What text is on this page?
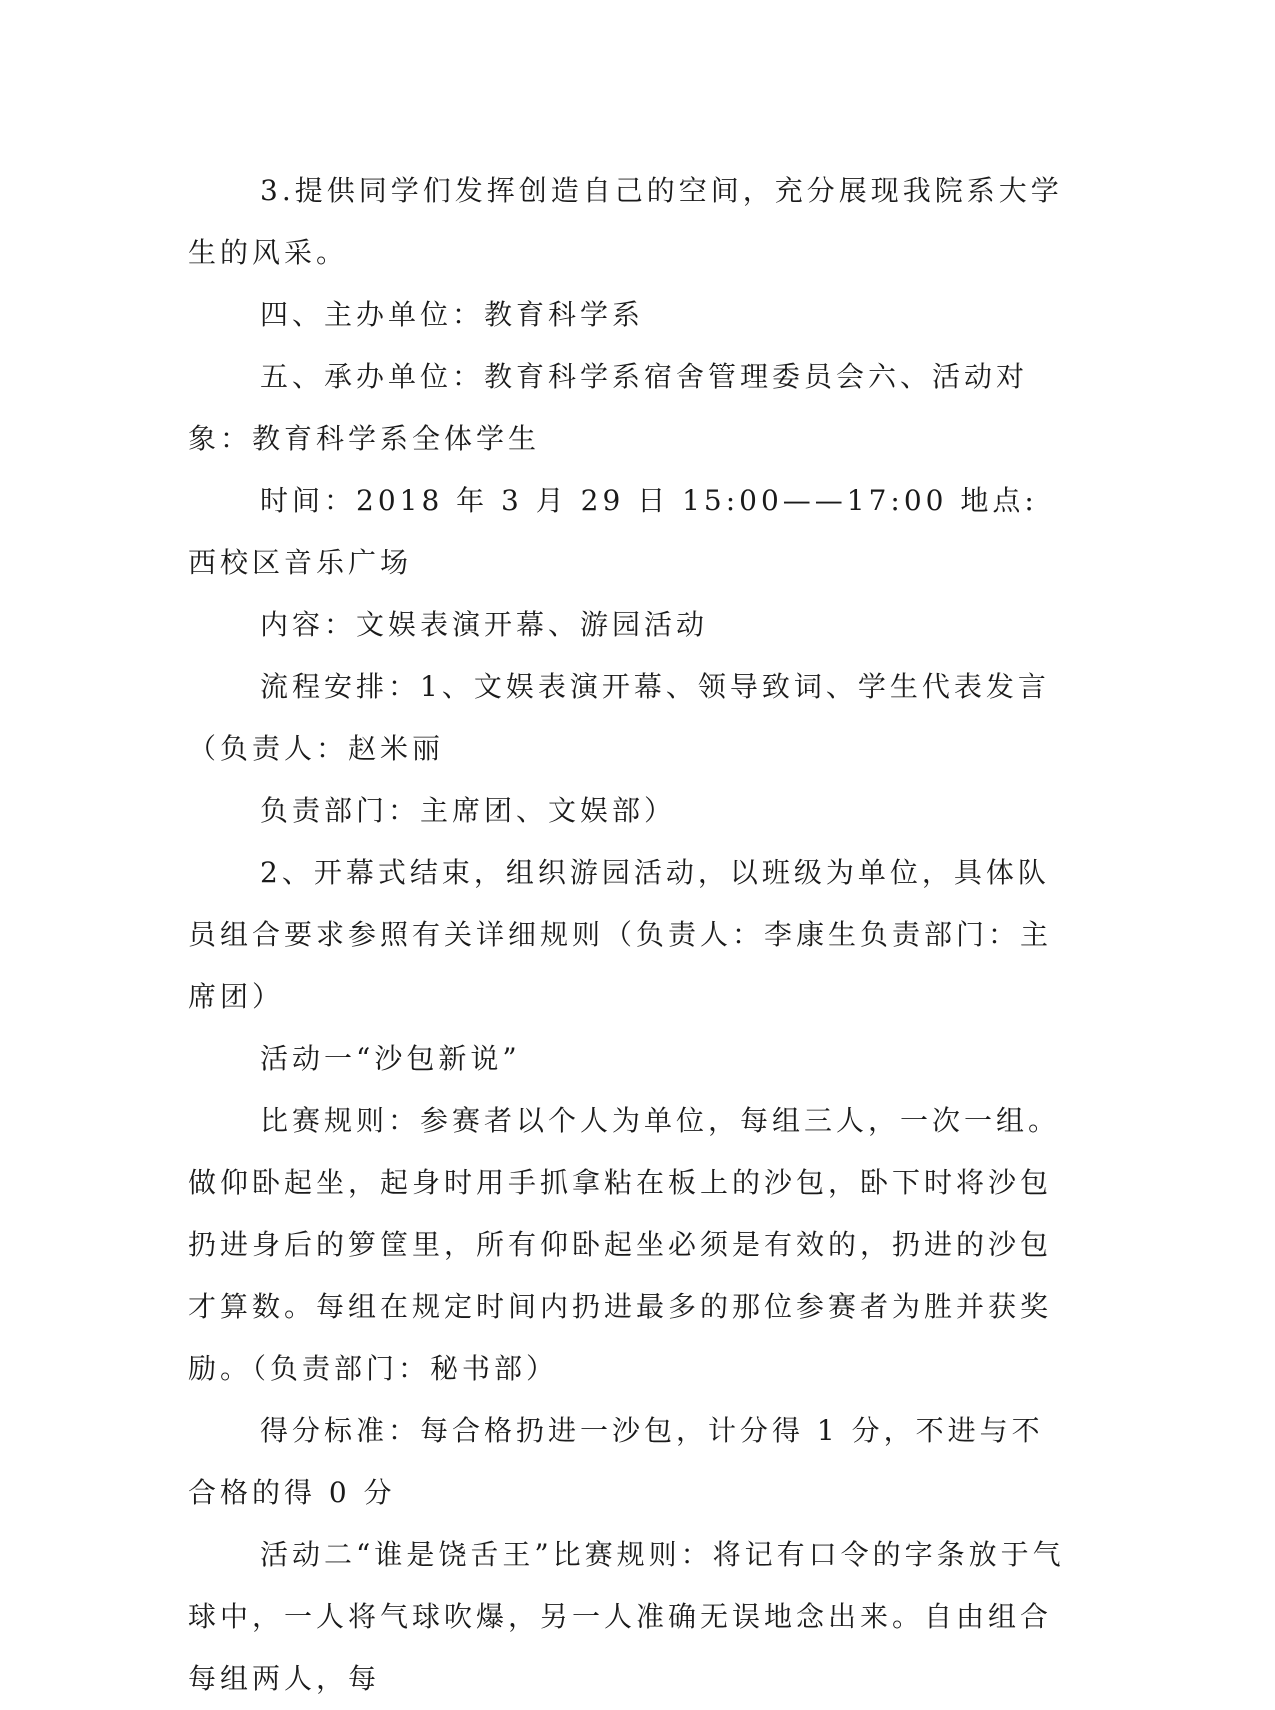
3.提供同学们发挥创造自己的空间，充分展现我院系大学生的风采。

四、主办单位：教育科学系

五、承办单位：教育科学系宿舍管理委员会六、活动对象：教育科学系全体学生

时间：2018 年 3 月 29 日 15:00——17:00 地点:西校区音乐广场

内容：文娱表演开幕、游园活动

流程安排：1、文娱表演开幕、领导致词、学生代表发言（负责人：赵米丽

负责部门：主席团、文娱部）

2、开幕式结束，组织游园活动，以班级为单位，具体队员组合要求参照有关详细规则（负责人：李康生负责部门：主席团）

活动一“沙包新说”

比赛规则：参赛者以个人为单位，每组三人，一次一组。做仰卧起坐，起身时用手抓拿粘在板上的沙包，卧下时将沙包扔进身后的箩筐里，所有仰卧起坐必须是有效的，扔进的沙包才算数。每组在规定时间内扔进最多的那位参赛者为胜并获奖励。（负责部门：秘书部）

得分标准：每合格扔进一沙包，计分得 1 分，不进与不合格的得 0 分

活动二“谁是饶舌王”比赛规则：将记有口令的字条放于气球中，一人将气球吹爆，另一人准确无误地念出来。自由组合每组两人，每
